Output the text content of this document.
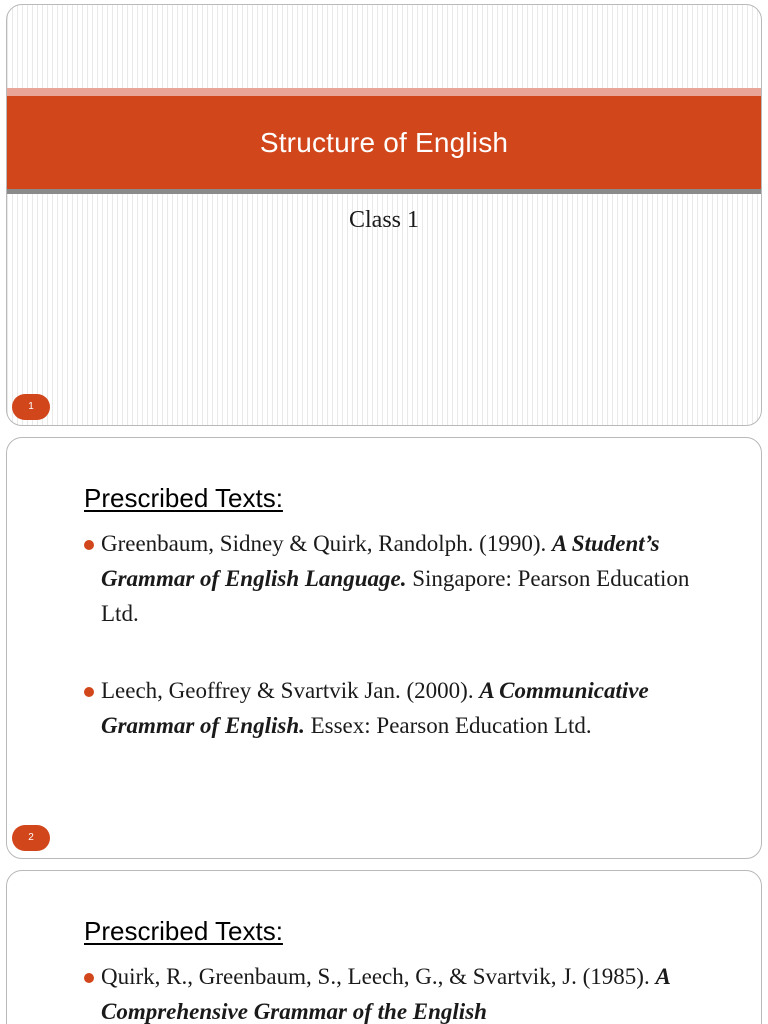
Structure of English
Class 1
1
Prescribed Texts:
Greenbaum, Sidney & Quirk, Randolph. (1990). A Student’s Grammar of English Language. Singapore: Pearson Education Ltd.
Leech, Geoffrey & Svartvik Jan. (2000). A Communicative Grammar of English. Essex: Pearson Education Ltd.
2
Prescribed Texts:
Quirk, R., Greenbaum, S., Leech, G., & Svartvik, J. (1985). A Comprehensive Grammar of the English
